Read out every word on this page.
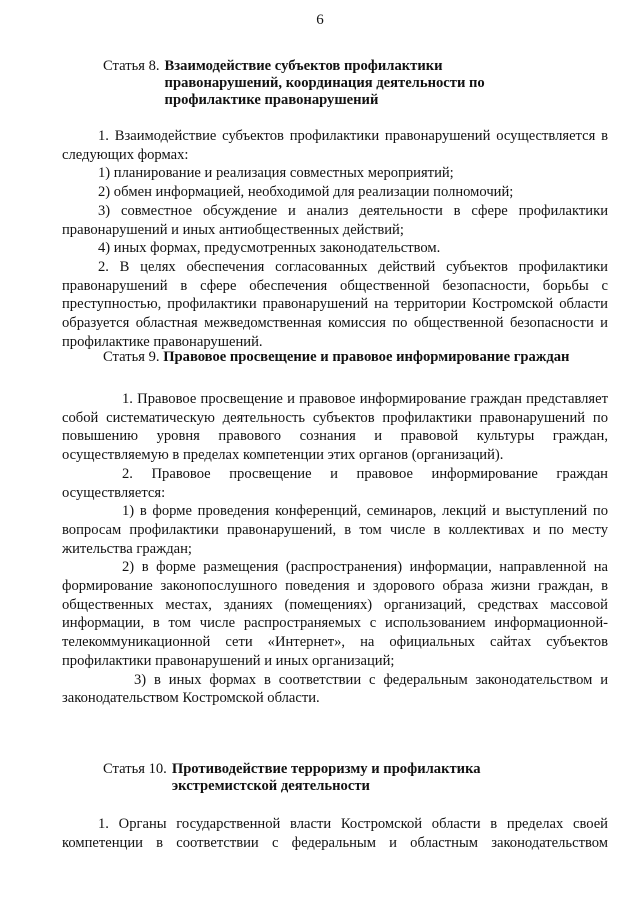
6
Статья 8. Взаимодействие субъектов профилактики
правонарушений, координация деятельности по
профилактике правонарушений

1. Взаимодействие субъектов профилактики правонарушений осуществляется в следующих формах:

1) планирование и реализация совместных мероприятий;

2) обмен информацией, необходимой для реализации полномочий;

3) совместное обсуждение и анализ деятельности в сфере профилактики правонарушений и иных антиобщественных действий;

4) иных формах, предусмотренных законодательством.

2. В целях обеспечения согласованных действий субъектов профилактики правонарушений в сфере обеспечения общественной безопасности, борьбы с преступностью, профилактики правонарушений на территории Костромской области образуется областная межведомственная комиссия по общественной безопасности и профилактике правонарушений.

Статья 9. Правовое просвещение и правовое информирование граждан

1. Правовое просвещение и правовое информирование граждан представляет собой систематическую деятельность субъектов профилактики правонарушений по повышению уровня правового сознания и правовой культуры граждан, осуществляемую в пределах компетенции этих органов (организаций).

2. Правовое просвещение и правовое информирование граждан осуществляется:

1) в форме проведения конференций, семинаров, лекций и выступлений по вопросам профилактики правонарушений, в том числе в коллективах и по месту жительства граждан;

2) в форме размещения (распространения) информации, направленной на формирование законопослушного поведения и здорового образа жизни граждан, в общественных местах, зданиях (помещениях) организаций, средствах массовой информации, в том числе распространяемых с использованием информационной-телекоммуникационной сети «Интернет», на официальных сайтах субъектов профилактики правонарушений и иных организаций;

3) в иных формах в соответствии с федеральным законодательством и законодательством Костромской области.

Статья 10. Противодействие терроризму и профилактика
экстремистской деятельности

1. Органы государственной власти Костромской области в пределах своей компетенции в соответствии с федеральным и областным законодательством
